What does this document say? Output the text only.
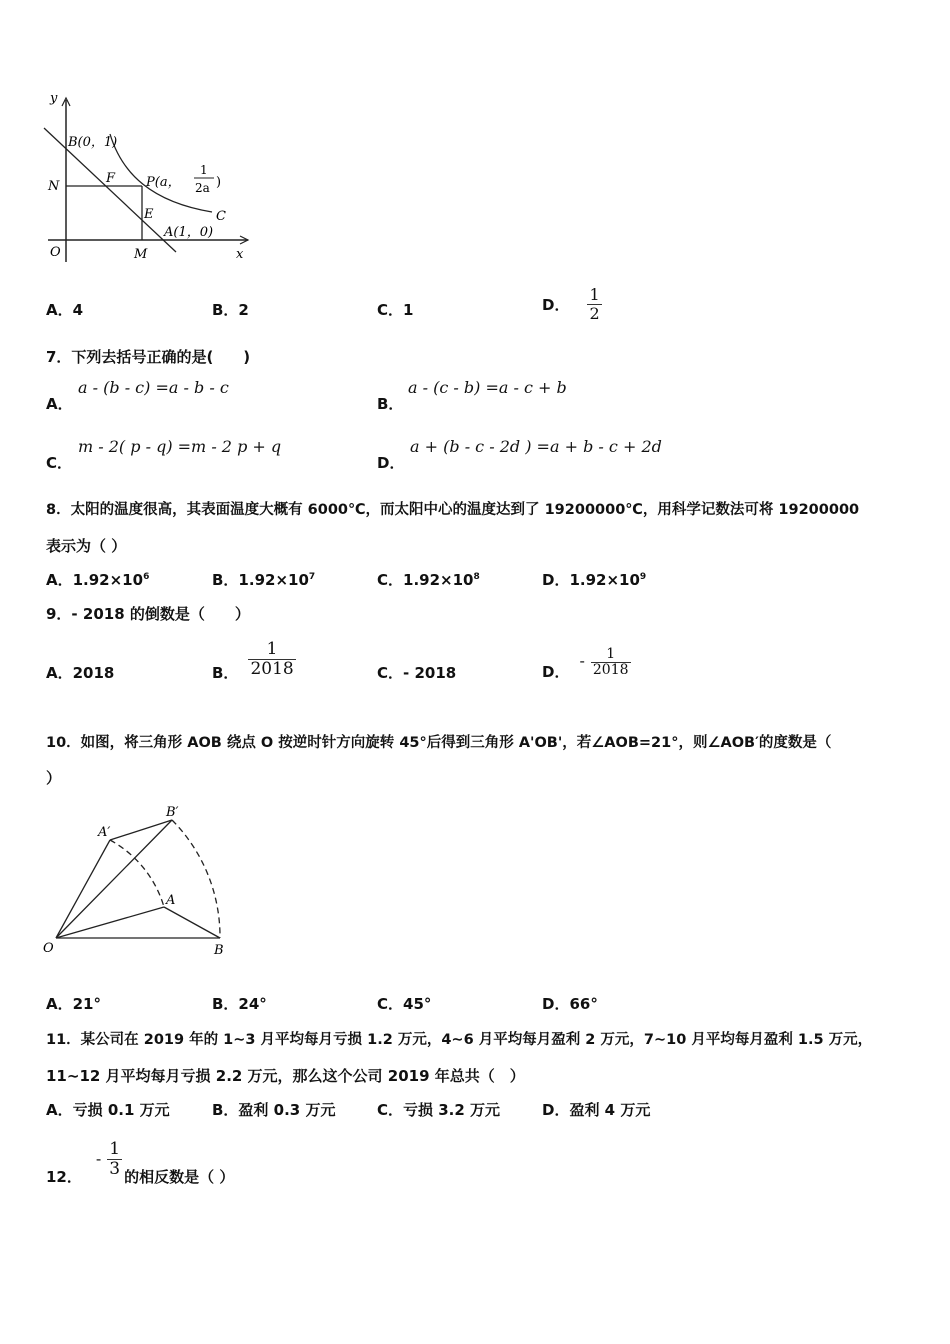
y
x
O
B(0，1)
N
F P(a，
1
2a )
E	C
A(1，0)
M
A．4	B．2	C．1	D． $\frac{1}{2}$
7．下列去括号正确的是(　　)
A．
a - (b - c) =a - b - c
B．
a - (c - b) =a - c + b
C．
m - 2( p - q) =m - 2 p + q
D．
a + (b - c - 2d ) =a + b - c + 2d
8．太阳的温度很高，其表面温度大概有 6000℃，而太阳中心的温度达到了 19200000℃，用科学记数法可将 19200000
表示为（ ）
A．$1.92\times 10^6$	B．$1.92\times 10^7$	C．$1.92\times 10^8$	D．$1.92\times 10^9$
9．- 2018 的倒数是（　　）
A．2018	B． $\frac{1}{2018}$	C．- 2018	D．
- $\frac{1}{2018}$
10．如图，将三角形 AOB 绕点 O 按逆时针方向旋转 45°后得到三角形 A'OB'，若∠AOB=21°，则∠AOB′的度数是（
）
O
A
B
A′
B′
A．21°	B．24°	C．45°	D．66°
11．某公司在 2019 年的 1∼3 月平均每月亏损 1.2 万元，4∼6 月平均每月盈利 2 万元，7∼10 月平均每月盈利 1.5 万元，
11∼12 月平均每月亏损 2.2 万元，那么这个公司 2019 年总共（　）
A．亏损 0.1 万元	B．盈利 0.3 万元	C．亏损 3.2 万元	D．盈利 4 万元
12．
- $\frac{1}{3}$ 的相反数是（ ）
